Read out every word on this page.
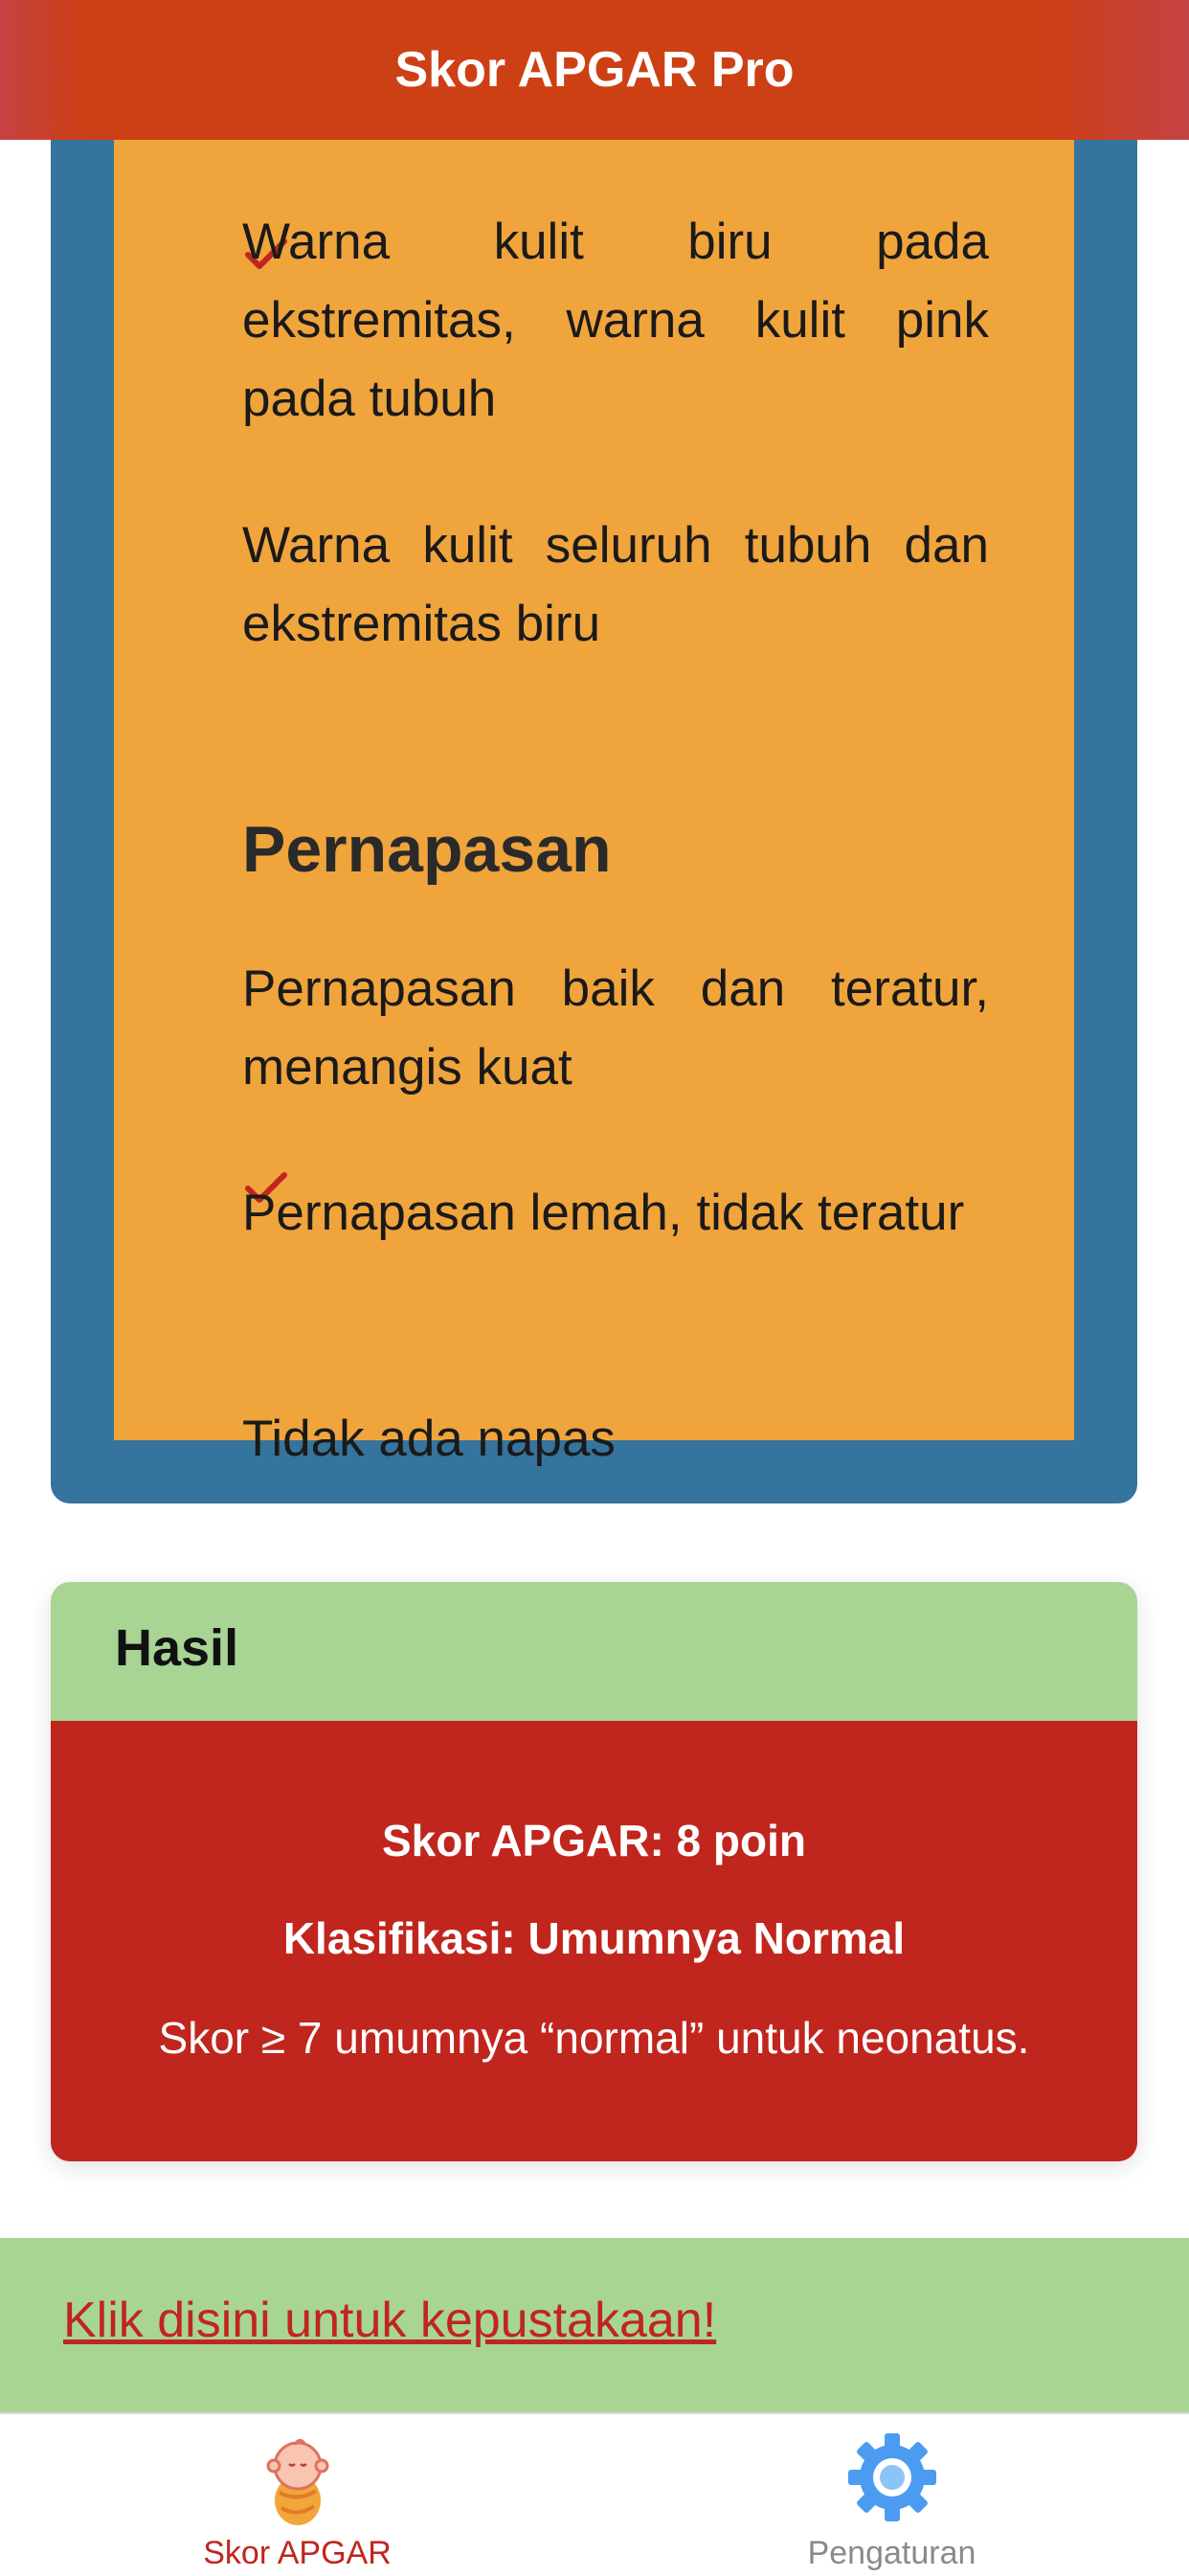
Skor APGAR Pro
Warna kulit biru pada ekstremitas, warna kulit pink pada tubuh
Warna kulit seluruh tubuh dan ekstremitas biru
Pernapasan
Pernapasan baik dan teratur, menangis kuat
Pernapasan lemah, tidak teratur
Tidak ada napas
Hasil
Skor APGAR: 8 poin
Klasifikasi: Umumnya Normal
Skor ≥ 7 umumnya “normal” untuk neonatus.
Klik disini untuk kepustakaan!
Skor APGAR	Pengaturan
